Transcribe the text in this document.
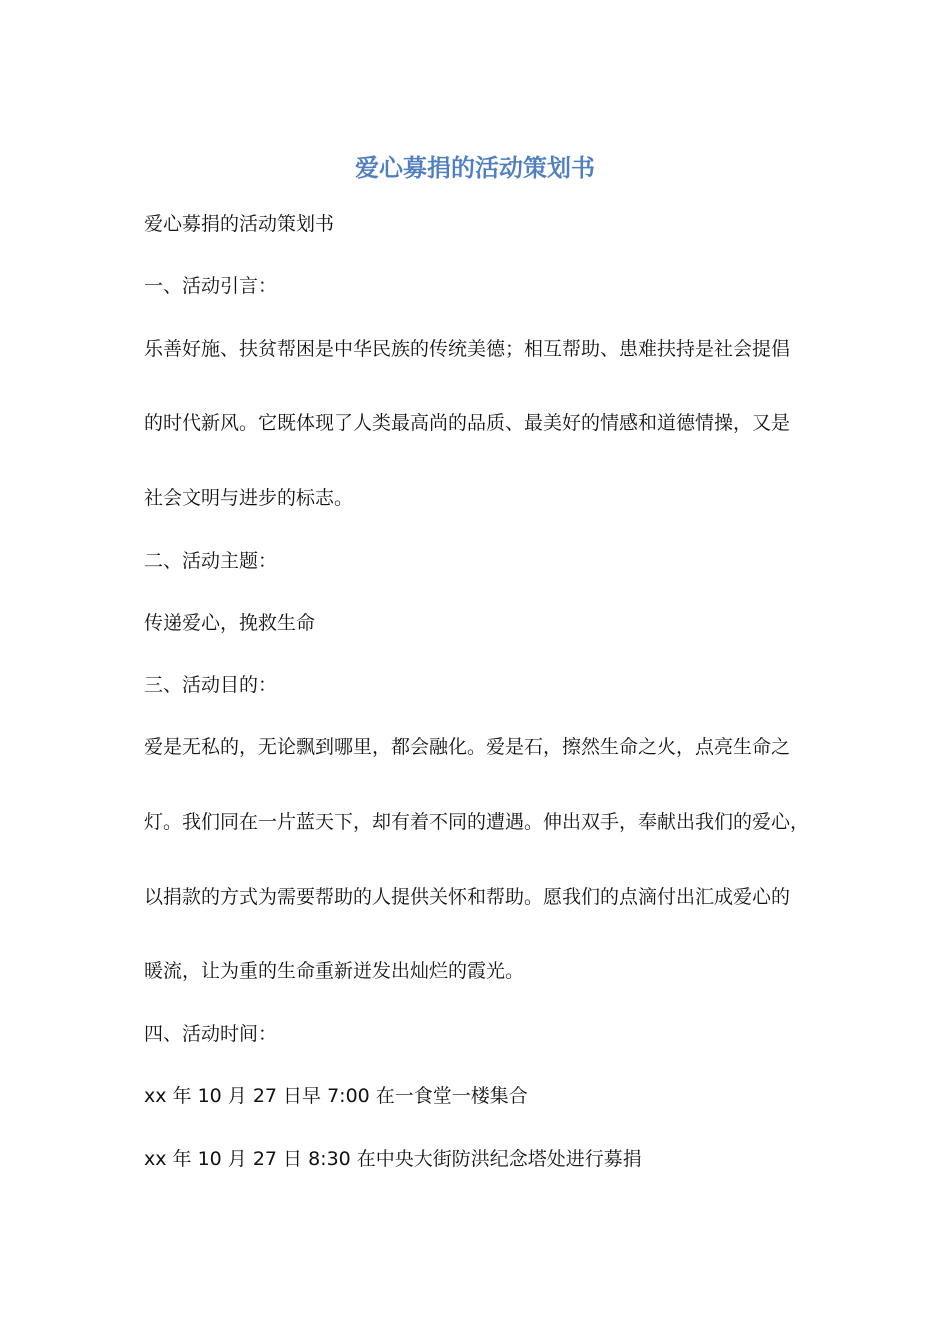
爱心募捐的活动策划书
爱心募捐的活动策划书
一、活动引言：
乐善好施、扶贫帮困是中华民族的传统美德；相互帮助、患难扶持是社会提倡
的时代新风。它既体现了人类最高尚的品质、最美好的情感和道德情操，又是
社会文明与进步的标志。
二、活动主题：
传递爱心，挽救生命
三、活动目的：
爱是无私的，无论飘到哪里，都会融化。爱是石，擦然生命之火，点亮生命之
灯。我们同在一片蓝天下，却有着不同的遭遇。伸出双手，奉献出我们的爱心，
以捐款的方式为需要帮助的人提供关怀和帮助。愿我们的点滴付出汇成爱心的
暖流，让为重的生命重新迸发出灿烂的霞光。
四、活动时间：
xx 年 10 月 27 日早 7:00 在一食堂一楼集合
xx 年 10 月 27 日 8:30 在中央大街防洪纪念塔处进行募捐
